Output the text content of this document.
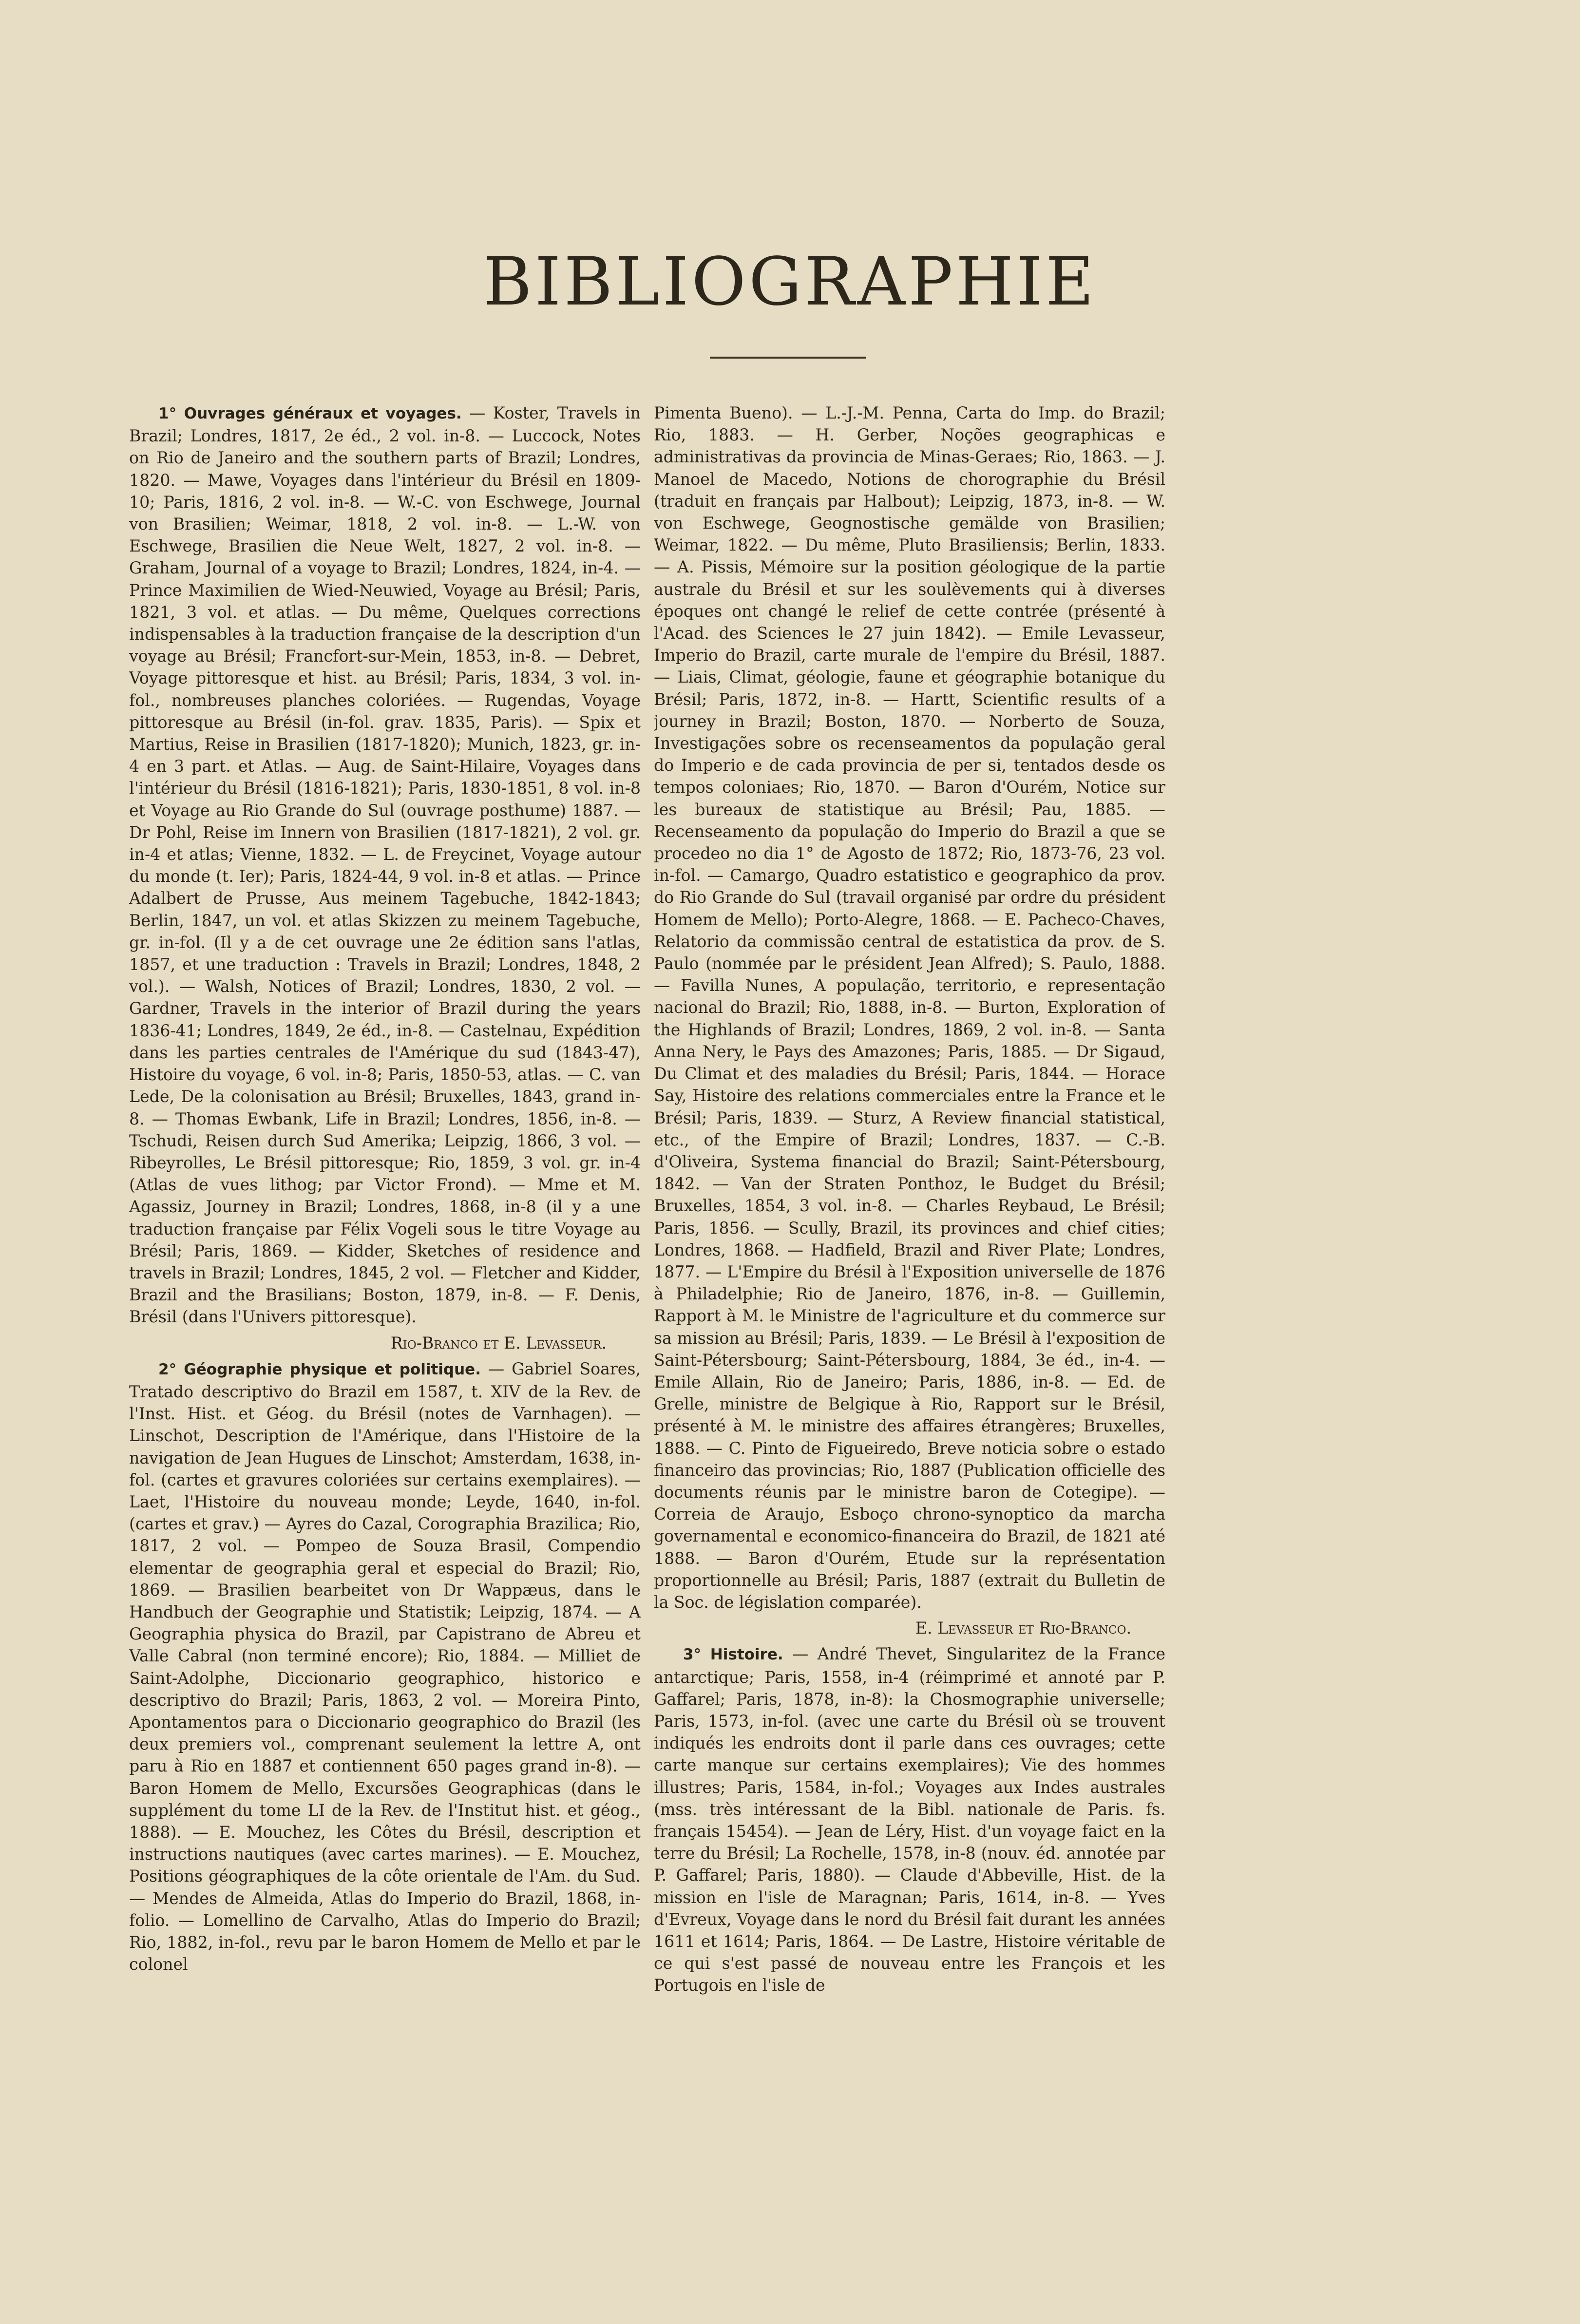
BIBLIOGRAPHIE

1° Ouvrages généraux et voyages. — Koster, Travels in Brazil; Londres, 1817, 2e éd., 2 vol. in-8. — Luccock, Notes on Rio de Janeiro and the southern parts of Brazil; Londres, 1820. — Mawe, Voyages dans l'intérieur du Brésil en 1809-10; Paris, 1816, 2 vol. in-8. — W.-C. von Eschwege, Journal von Brasilien; Weimar, 1818, 2 vol. in-8. — L.-W. von Eschwege, Brasilien die Neue Welt, 1827, 2 vol. in-8. — Graham, Journal of a voyage to Brazil; Londres, 1824, in-4. — Prince Maximilien de Wied-Neuwied, Voyage au Brésil; Paris, 1821, 3 vol. et atlas. — Du même, Quelques corrections indispensables à la traduction française de la description d'un voyage au Brésil; Francfort-sur-Mein, 1853, in-8. — Debret, Voyage pittoresque et hist. au Brésil; Paris, 1834, 3 vol. in-fol., nombreuses planches coloriées. — Rugendas, Voyage pittoresque au Brésil (in-fol. grav. 1835, Paris). — Spix et Martius, Reise in Brasilien (1817-1820); Munich, 1823, gr. in-4 en 3 part. et Atlas. — Aug. de Saint-Hilaire, Voyages dans l'intérieur du Brésil (1816-1821); Paris, 1830-1851, 8 vol. in-8 et Voyage au Rio Grande do Sul (ouvrage posthume) 1887. — Dr Pohl, Reise im Innern von Brasilien (1817-1821), 2 vol. gr. in-4 et atlas; Vienne, 1832. — L. de Freycinet, Voyage autour du monde (t. Ier); Paris, 1824-44, 9 vol. in-8 et atlas. — Prince Adalbert de Prusse, Aus meinem Tagebuche, 1842-1843; Berlin, 1847, un vol. et atlas Skizzen zu meinem Tagebuche, gr. in-fol. (Il y a de cet ouvrage une 2e édition sans l'atlas, 1857, et une traduction : Travels in Brazil; Londres, 1848, 2 vol.). — Walsh, Notices of Brazil; Londres, 1830, 2 vol. — Gardner, Travels in the interior of Brazil during the years 1836-41; Londres, 1849, 2e éd., in-8. — Castelnau, Expédition dans les parties centrales de l'Amérique du sud (1843-47), Histoire du voyage, 6 vol. in-8; Paris, 1850-53, atlas. — C. van Lede, De la colonisation au Brésil; Bruxelles, 1843, grand in-8. — Thomas Ewbank, Life in Brazil; Londres, 1856, in-8. — Tschudi, Reisen durch Sud Amerika; Leipzig, 1866, 3 vol. — Ribeyrolles, Le Brésil pittoresque; Rio, 1859, 3 vol. gr. in-4 (Atlas de vues lithog; par Victor Frond). — Mme et M. Agassiz, Journey in Brazil; Londres, 1868, in-8 (il y a une traduction française par Félix Vogeli sous le titre Voyage au Brésil; Paris, 1869. — Kidder, Sketches of residence and travels in Brazil; Londres, 1845, 2 vol. — Fletcher and Kidder, Brazil and the Brasilians; Boston, 1879, in-8. — F. Denis, Brésil (dans l'Univers pittoresque).

Rio-Branco et E. Levasseur.

2° Géographie physique et politique. — Gabriel Soares, Tratado descriptivo do Brazil em 1587, t. XIV de la Rev. de l'Inst. Hist. et Géog. du Brésil (notes de Varnhagen). — Linschot, Description de l'Amérique, dans l'Histoire de la navigation de Jean Hugues de Linschot; Amsterdam, 1638, in-fol. (cartes et gravures coloriées sur certains exemplaires). — Laet, l'Histoire du nouveau monde; Leyde, 1640, in-fol. (cartes et grav.) — Ayres do Cazal, Corographia Brazilica; Rio, 1817, 2 vol. — Pompeo de Souza Brasil, Compendio elementar de geographia geral et especial do Brazil; Rio, 1869. — Brasilien bearbeitet von Dr Wappæus, dans le Handbuch der Geographie und Statistik; Leipzig, 1874. — A Geographia physica do Brazil, par Capistrano de Abreu et Valle Cabral (non terminé encore); Rio, 1884. — Milliet de Saint-Adolphe, Diccionario geographico, historico e descriptivo do Brazil; Paris, 1863, 2 vol. — Moreira Pinto, Apontamentos para o Diccionario geographico do Brazil (les deux premiers vol., comprenant seulement la lettre A, ont paru à Rio en 1887 et contiennent 650 pages grand in-8). — Baron Homem de Mello, Excursões Geographicas (dans le supplément du tome LI de la Rev. de l'Institut hist. et géog., 1888). — E. Mouchez, les Côtes du Brésil, description et instructions nautiques (avec cartes marines). — E. Mouchez, Positions géographiques de la côte orientale de l'Am. du Sud. — Mendes de Almeida, Atlas do Imperio do Brazil, 1868, in-folio. — Lomellino de Carvalho, Atlas do Imperio do Brazil; Rio, 1882, in-fol., revu par le baron Homem de Mello et par le colonel

Pimenta Bueno). — L.-J.-M. Penna, Carta do Imp. do Brazil; Rio, 1883. — H. Gerber, Noções geographicas e administrativas da provincia de Minas-Geraes; Rio, 1863. — J. Manoel de Macedo, Notions de chorographie du Brésil (traduit en français par Halbout); Leipzig, 1873, in-8. — W. von Eschwege, Geognostische gemälde von Brasilien; Weimar, 1822. — Du même, Pluto Brasiliensis; Berlin, 1833. — A. Pissis, Mémoire sur la position géologique de la partie australe du Brésil et sur les soulèvements qui à diverses époques ont changé le relief de cette contrée (présenté à l'Acad. des Sciences le 27 juin 1842). — Emile Levasseur, Imperio do Brazil, carte murale de l'empire du Brésil, 1887. — Liais, Climat, géologie, faune et géographie botanique du Brésil; Paris, 1872, in-8. — Hartt, Scientific results of a journey in Brazil; Boston, 1870. — Norberto de Souza, Investigações sobre os recenseamentos da população geral do Imperio e de cada provincia de per si, tentados desde os tempos coloniaes; Rio, 1870. — Baron d'Ourém, Notice sur les bureaux de statistique au Brésil; Pau, 1885. — Recenseamento da população do Imperio do Brazil a que se procedeo no dia 1° de Agosto de 1872; Rio, 1873-76, 23 vol. in-fol. — Camargo, Quadro estatistico e geographico da prov. do Rio Grande do Sul (travail organisé par ordre du président Homem de Mello); Porto-Alegre, 1868. — E. Pacheco-Chaves, Relatorio da commissão central de estatistica da prov. de S. Paulo (nommée par le président Jean Alfred); S. Paulo, 1888. — Favilla Nunes, A população, territorio, e representação nacional do Brazil; Rio, 1888, in-8. — Burton, Exploration of the Highlands of Brazil; Londres, 1869, 2 vol. in-8. — Santa Anna Nery, le Pays des Amazones; Paris, 1885. — Dr Sigaud, Du Climat et des maladies du Brésil; Paris, 1844. — Horace Say, Histoire des relations commerciales entre la France et le Brésil; Paris, 1839. — Sturz, A Review financial statistical, etc., of the Empire of Brazil; Londres, 1837. — C.-B. d'Oliveira, Systema financial do Brazil; Saint-Pétersbourg, 1842. — Van der Straten Ponthoz, le Budget du Brésil; Bruxelles, 1854, 3 vol. in-8. — Charles Reybaud, Le Brésil; Paris, 1856. — Scully, Brazil, its provinces and chief cities; Londres, 1868. — Hadfield, Brazil and River Plate; Londres, 1877. — L'Empire du Brésil à l'Exposition universelle de 1876 à Philadelphie; Rio de Janeiro, 1876, in-8. — Guillemin, Rapport à M. le Ministre de l'agriculture et du commerce sur sa mission au Brésil; Paris, 1839. — Le Brésil à l'exposition de Saint-Pétersbourg; Saint-Pétersbourg, 1884, 3e éd., in-4. — Emile Allain, Rio de Janeiro; Paris, 1886, in-8. — Ed. de Grelle, ministre de Belgique à Rio, Rapport sur le Brésil, présenté à M. le ministre des affaires étrangères; Bruxelles, 1888. — C. Pinto de Figueiredo, Breve noticia sobre o estado financeiro das provincias; Rio, 1887 (Publication officielle des documents réunis par le ministre baron de Cotegipe). — Correia de Araujo, Esboço chrono-synoptico da marcha governamental e economico-financeira do Brazil, de 1821 até 1888. — Baron d'Ourém, Etude sur la représentation proportionnelle au Brésil; Paris, 1887 (extrait du Bulletin de la Soc. de législation comparée).

E. Levasseur et Rio-Branco.

3° Histoire. — André Thevet, Singularitez de la France antarctique; Paris, 1558, in-4 (réimprimé et annoté par P. Gaffarel; Paris, 1878, in-8): la Chosmographie universelle; Paris, 1573, in-fol. (avec une carte du Brésil où se trouvent indiqués les endroits dont il parle dans ces ouvrages; cette carte manque sur certains exemplaires); Vie des hommes illustres; Paris, 1584, in-fol.; Voyages aux Indes australes (mss. très intéressant de la Bibl. nationale de Paris. fs. français 15454). — Jean de Léry, Hist. d'un voyage faict en la terre du Brésil; La Rochelle, 1578, in-8 (nouv. éd. annotée par P. Gaffarel; Paris, 1880). — Claude d'Abbeville, Hist. de la mission en l'isle de Maragnan; Paris, 1614, in-8. — Yves d'Evreux, Voyage dans le nord du Brésil fait durant les années 1611 et 1614; Paris, 1864. — De Lastre, Histoire véritable de ce qui s'est passé de nouveau entre les François et les Portugois en l'isle de
